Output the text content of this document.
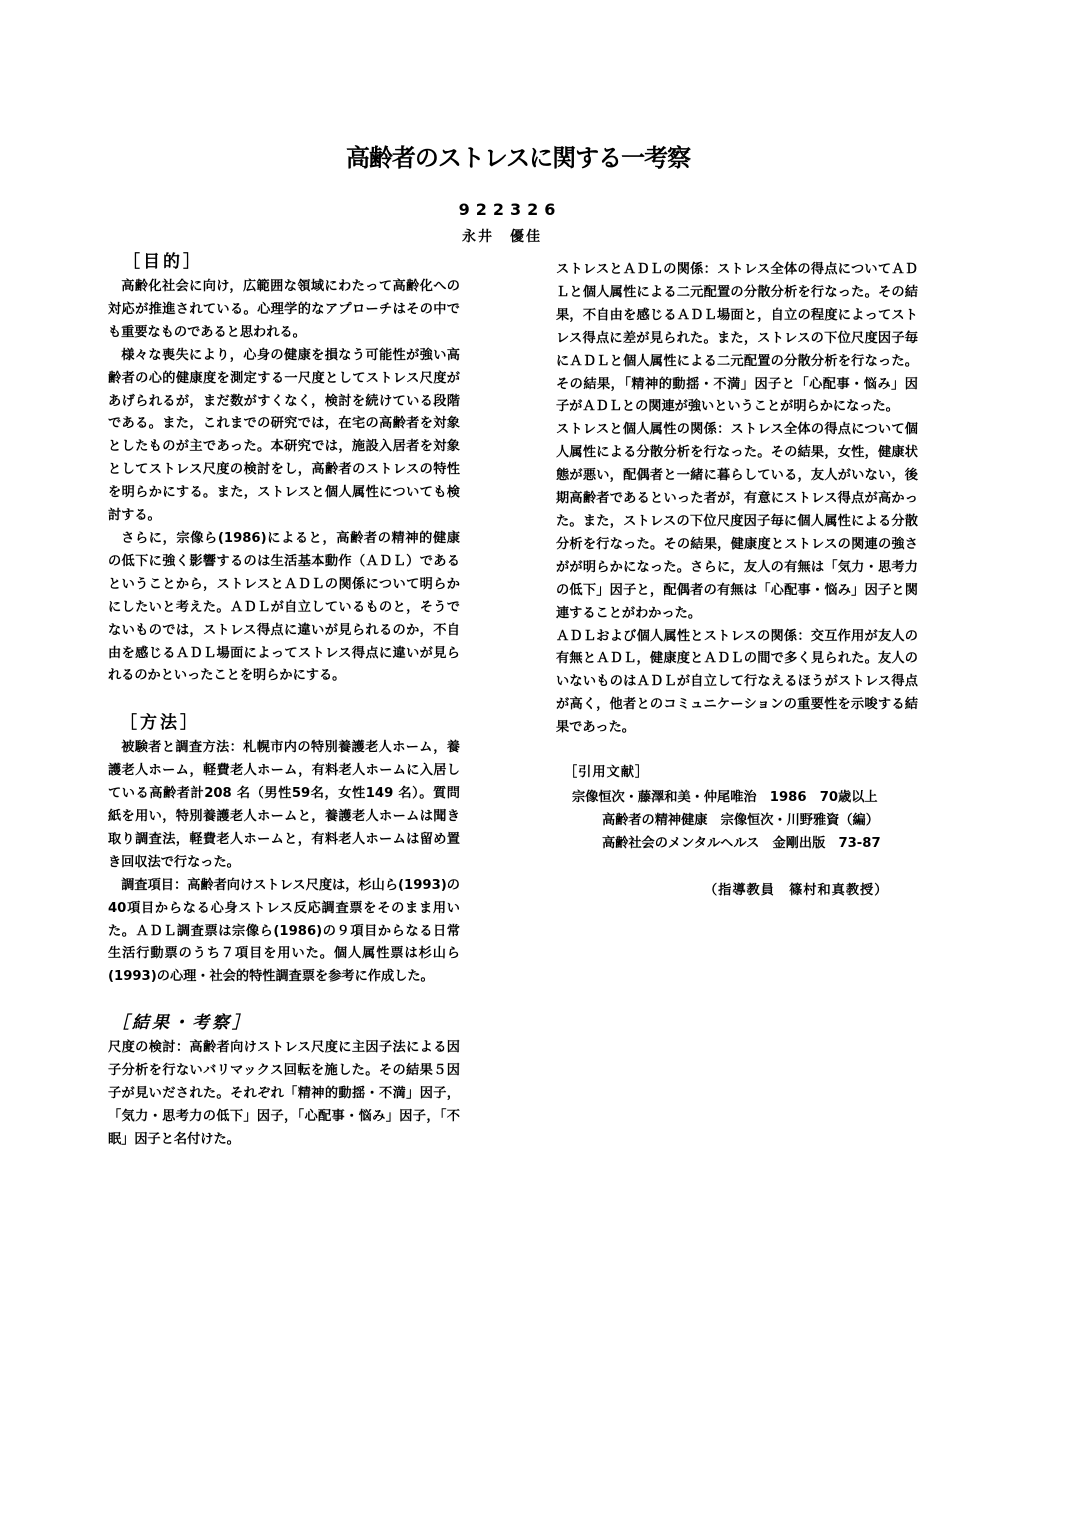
高齢者のストレスに関する一考察
922326
永井　優佳
［目的］

高齢化社会に向け，広範囲な領域にわたって高齢化への対応が推進されている。心理学的なアプローチはその中でも重要なものであると思われる。

様々な喪失により，心身の健康を損なう可能性が強い高齢者の心的健康度を測定する一尺度としてストレス尺度があげられるが，まだ数がすくなく，検討を続けている段階である。また，これまでの研究では，在宅の高齢者を対象としたものが主であった。本研究では，施設入居者を対象としてストレス尺度の検討をし，高齢者のストレスの特性を明らかにする。また，ストレスと個人属性についても検討する。

さらに，宗像ら(1986)によると，高齢者の精神的健康の低下に強く影響するのは生活基本動作（ＡＤＬ）であるということから，ストレスとＡＤＬの関係について明らかにしたいと考えた。ＡＤＬが自立しているものと，そうでないものでは，ストレス得点に違いが見られるのか，不自由を感じるＡＤＬ場面によってストレス得点に違いが見られるのかといったことを明らかにする。

［方法］

被験者と調査方法：札幌市内の特別養護老人ホーム，養護老人ホーム，軽費老人ホーム，有料老人ホームに入居している高齢者計208 名（男性59名，女性149 名）。質問紙を用い，特別養護老人ホームと，養護老人ホームは聞き取り調査法，軽費老人ホームと，有料老人ホームは留め置き回収法で行なった。

調査項目：高齢者向けストレス尺度は，杉山ら(1993)の40項目からなる心身ストレス反応調査票をそのまま用いた。ＡＤＬ調査票は宗像ら(1986)の９項目からなる日常生活行動票のうち７項目を用いた。個人属性票は杉山ら(1993)の心理・社会的特性調査票を参考に作成した。

［結果・考察］

尺度の検討：高齢者向けストレス尺度に主因子法による因子分析を行ないバリマックス回転を施した。その結果５因子が見いだされた。それぞれ「精神的動揺・不満」因子，「気力・思考力の低下」因子，「心配事・悩み」因子，「不眠」因子と名付けた。

ストレスとＡＤＬの関係：ストレス全体の得点についてＡＤＬと個人属性による二元配置の分散分析を行なった。その結果，不自由を感じるＡＤＬ場面と，自立の程度によってストレス得点に差が見られた。また，ストレスの下位尺度因子毎にＡＤＬと個人属性による二元配置の分散分析を行なった。その結果，「精神的動揺・不満」因子と「心配事・悩み」因子がＡＤＬとの関連が強いということが明らかになった。

ストレスと個人属性の関係：ストレス全体の得点について個人属性による分散分析を行なった。その結果，女性，健康状態が悪い，配偶者と一緒に暮らしている，友人がいない，後期高齢者であるといった者が，有意にストレス得点が高かった。また，ストレスの下位尺度因子毎に個人属性による分散分析を行なった。その結果，健康度とストレスの関連の強さがが明らかになった。さらに，友人の有無は「気力・思考力の低下」因子と，配偶者の有無は「心配事・悩み」因子と関連することがわかった。

ＡＤＬおよび個人属性とストレスの関係：交互作用が友人の有無とＡＤＬ，健康度とＡＤＬの間で多く見られた。友人のいないものはＡＤＬが自立して行なえるほうがストレス得点が高く，他者とのコミュニケーションの重要性を示唆する結果であった。

［引用文献］
宗像恒次・藤澤和美・仲尾唯治　1986　70歳以上
高齢者の精神健康　宗像恒次・川野雅資（編）
高齢社会のメンタルヘルス　金剛出版　73-87
（指導教員　篠村和真教授）
